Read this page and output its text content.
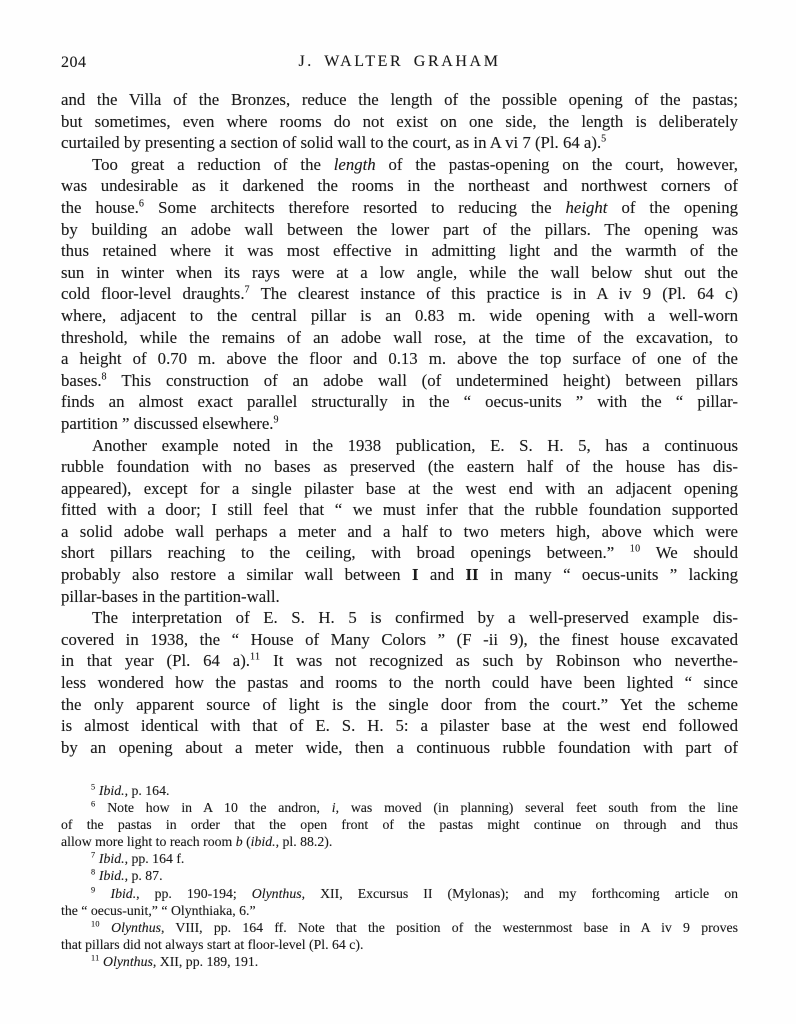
204	J. WALTER GRAHAM
and the Villa of the Bronzes, reduce the length of the possible opening of the pastas;
but sometimes, even where rooms do not exist on one side, the length is deliberately
curtailed by presenting a section of solid wall to the court, as in A vi 7 (Pl. 64 a).$^5$
Too great a reduction of the length of the pastas-opening on the court, however,
was undesirable as it darkened the rooms in the northeast and northwest corners of
the house.$^6$ Some architects therefore resorted to reducing the height of the opening
by building an adobe wall between the lower part of the pillars. The opening was
thus retained where it was most effective in admitting light and the warmth of the
sun in winter when its rays were at a low angle, while the wall below shut out the
cold floor-level draughts.$^7$ The clearest instance of this practice is in A iv 9 (Pl. 64 c)
where, adjacent to the central pillar is an 0.83 m. wide opening with a well-worn
threshold, while the remains of an adobe wall rose, at the time of the excavation, to
a height of 0.70 m. above the floor and 0.13 m. above the top surface of one of the
bases.$^8$ This construction of an adobe wall (of undetermined height) between pillars
finds an almost exact parallel structurally in the “ oecus-units ” with the “ pillar-
partition ” discussed elsewhere.$^9$
Another example noted in the 1938 publication, E. S. H. 5, has a continuous
rubble foundation with no bases as preserved (the eastern half of the house has dis-
appeared), except for a single pilaster base at the west end with an adjacent opening
fitted with a door; I still feel that “ we must infer that the rubble foundation supported
a solid adobe wall perhaps a meter and a half to two meters high, above which were
short pillars reaching to the ceiling, with broad openings between.” $^{10}$ We should
probably also restore a similar wall between I and II in many “ oecus-units ” lacking
pillar-bases in the partition-wall.
The interpretation of E. S. H. 5 is confirmed by a well-preserved example dis-
covered in 1938, the “ House of Many Colors ” (F -ii 9), the finest house excavated
in that year (Pl. 64 a).$^{11}$ It was not recognized as such by Robinson who neverthe-
less wondered how the pastas and rooms to the north could have been lighted “ since
the only apparent source of light is the single door from the court.” Yet the scheme
is almost identical with that of E. S. H. 5: a pilaster base at the west end followed
by an opening about a meter wide, then a continuous rubble foundation with part of
$^5$ Ibid., p. 164.
$^6$ Note how in A 10 the andron, i, was moved (in planning) several feet south from the line
of the pastas in order that the open front of the pastas might continue on through and thus
allow more light to reach room b (ibid., pl. 88.2).
$^7$ Ibid., pp. 164 f.
$^8$ Ibid., p. 87.
$^9$ Ibid., pp. 190-194; Olynthus, XII, Excursus II (Mylonas); and my forthcoming article on
the “ oecus-unit,” “ Olynthiaka, 6.”
$^{10}$ Olynthus, VIII, pp. 164 ff. Note that the position of the westernmost base in A iv 9 proves
that pillars did not always start at floor-level (Pl. 64 c).
$^{11}$ Olynthus, XII, pp. 189, 191.
